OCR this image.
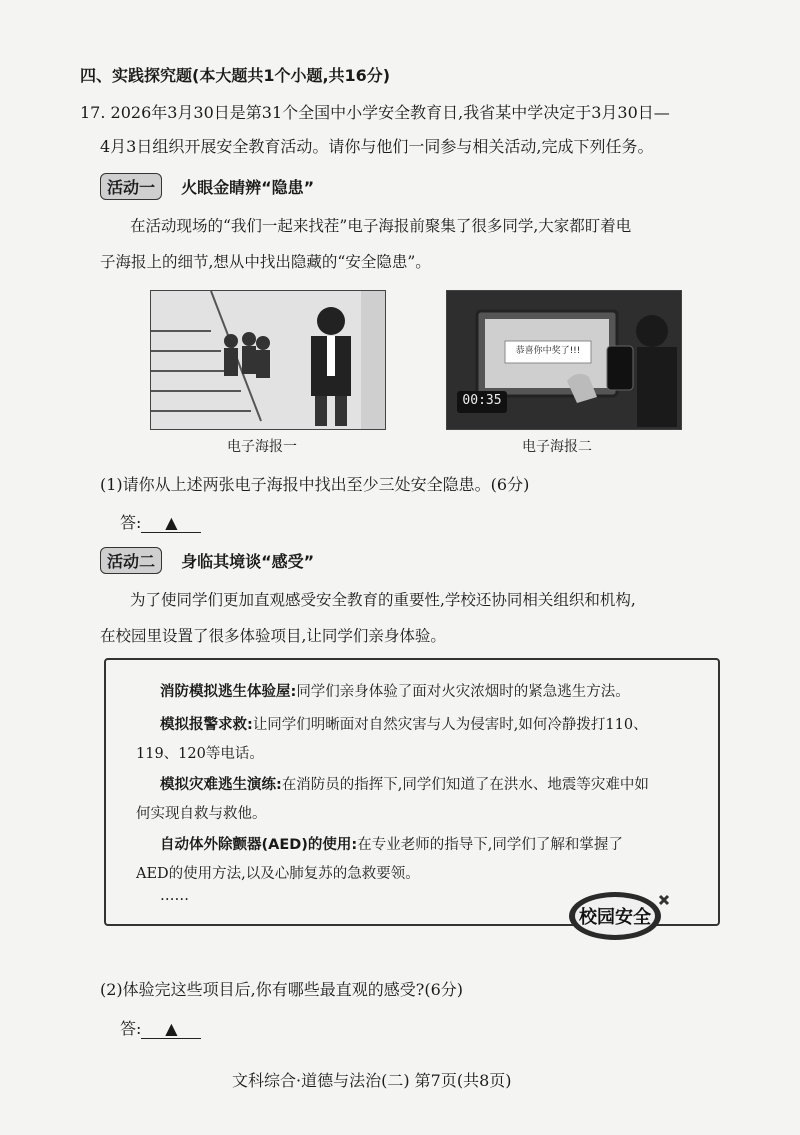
四、实践探究题(本大题共1个小题,共16分)
17. 2026年3月30日是第31个全国中小学安全教育日,我省某中学决定于3月30日—
4月3日组织开展安全教育活动。请你与他们一同参与相关活动,完成下列任务。
活动一 火眼金睛辨“隐患”
在活动现场的“我们一起来找茬”电子海报前聚集了很多同学,大家都盯着电
子海报上的细节,想从中找出隐藏的“安全隐患”。
电子海报一
恭喜你中奖了!!!
00:35
电子海报二
(1)请你从上述两张电子海报中找出至少三处安全隐患。(6分)
答: ▲
活动二 身临其境谈“感受”
为了使同学们更加直观感受安全教育的重要性,学校还协同相关组织和机构,
在校园里设置了很多体验项目,让同学们亲身体验。
消防模拟逃生体验屋:同学们亲身体验了面对火灾浓烟时的紧急逃生方法。
模拟报警求救:让同学们明晰面对自然灾害与人为侵害时,如何冷静拨打110、
119、120等电话。
模拟灾难逃生演练:在消防员的指挥下,同学们知道了在洪水、地震等灾难中如
何实现自救与救他。
自动体外除颤器(AED)的使用:在专业老师的指导下,同学们了解和掌握了
AED的使用方法,以及心肺复苏的急救要领。
……
校园安全
(2)体验完这些项目后,你有哪些最直观的感受?(6分)
答: ▲
文科综合·道德与法治(二) 第7页(共8页)
